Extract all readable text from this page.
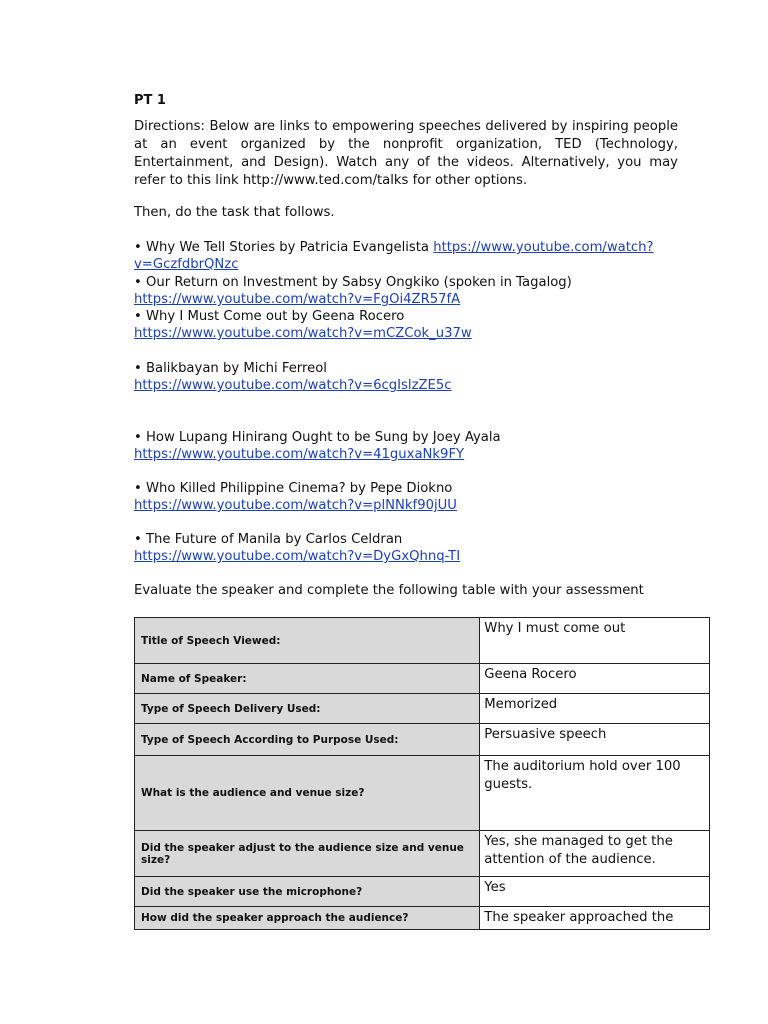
PT 1
Directions: Below are links to empowering speeches delivered by inspiring people at an event organized by the nonprofit organization, TED (Technology, Entertainment, and Design). Watch any of the videos. Alternatively, you may refer to this link http://www.ted.com/talks for other options.
Then, do the task that follows.
• Why We Tell Stories by Patricia Evangelista https://www.youtube.com/watch?v=GczfdbrQNzc
• Our Return on Investment by Sabsy Ongkiko (spoken in Tagalog)
https://www.youtube.com/watch?v=FgOi4ZR57fA
• Why I Must Come out by Geena Rocero
https://www.youtube.com/watch?v=mCZCok_u37w
• Balikbayan by Michi Ferreol
https://www.youtube.com/watch?v=6cgIslzZE5c
• How Lupang Hinirang Ought to be Sung by Joey Ayala
https://www.youtube.com/watch?v=41guxaNk9FY
• Who Killed Philippine Cinema? by Pepe Diokno
https://www.youtube.com/watch?v=plNNkf90jUU
• The Future of Manila by Carlos Celdran
https://www.youtube.com/watch?v=DyGxQhnq-TI
Evaluate the speaker and complete the following table with your assessment
Title of Speech Viewed:	Why I must come out
Name of Speaker:	Geena Rocero
Type of Speech Delivery Used:	Memorized
Type of Speech According to Purpose Used:	Persuasive speech
What is the audience and venue size?	The auditorium hold over 100 guests.
Did the speaker adjust to the audience size and venue size?	Yes, she managed to get the attention of the audience.
Did the speaker use the microphone?	Yes
How did the speaker approach the audience?	The speaker approached the
